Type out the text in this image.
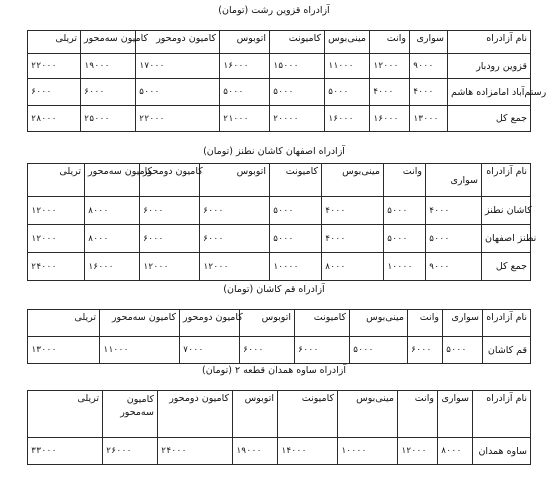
آزادراه قزوین رشت (تومان)
تریلی	کامیون سه‌محور	کامیون دومحور	اتوبوس	کامیونت	مینی‌بوس	وانت	سواری	نام آزادراه
۲۲۰۰۰	۱۹۰۰۰	۱۷۰۰۰	۱۶۰۰۰	۱۵۰۰۰	۱۱۰۰۰	۱۲۰۰۰	۹۰۰۰	قزوین رودبار
۶۰۰۰	۶۰۰۰	۵۰۰۰	۵۰۰۰	۵۰۰۰	۵۰۰۰	۴۰۰۰	۴۰۰۰	رستم‌آباد امامزاده هاشم
۲۸۰۰۰	۲۵۰۰۰	۲۲۰۰۰	۲۱۰۰۰	۲۰۰۰۰	۱۶۰۰۰	۱۶۰۰۰	۱۳۰۰۰	جمع کل
آزادراه اصفهان کاشان نطنز (تومان)
تریلی	کامیون سه‌محور	کامیون دومحور	اتوبوس	کامیونت	مینی‌بوس	وانت	سواری	نام آزادراه
۱۲۰۰۰	۸۰۰۰	۶۰۰۰	۶۰۰۰	۵۰۰۰	۴۰۰۰	۵۰۰۰	۴۰۰۰	کاشان نطنز
۱۲۰۰۰	۸۰۰۰	۶۰۰۰	۶۰۰۰	۵۰۰۰	۴۰۰۰	۵۰۰۰	۵۰۰۰	نطنز اصفهان
۲۴۰۰۰	۱۶۰۰۰	۱۲۰۰۰	۱۲۰۰۰	۱۰۰۰۰	۸۰۰۰	۱۰۰۰۰	۹۰۰۰	جمع کل
آزادراه قم کاشان (تومان)
تریلی	کامیون سه‌محور	کامیون دومحور	اتوبوس	کامیونت	مینی‌بوس	وانت	سواری	نام آزادراه
۱۳۰۰۰	۱۱۰۰۰	۷۰۰۰	۶۰۰۰	۶۰۰۰	۵۰۰۰	۶۰۰۰	۵۰۰۰	قم کاشان
آزادراه ساوه همدان قطعه ۲ (تومان)
تریلی	کامیون سه‌محور	کامیون دومحور	اتوبوس	کامیونت	مینی‌بوس	وانت	سواری	نام آزادراه
۳۳۰۰۰	۲۶۰۰۰	۲۴۰۰۰	۱۹۰۰۰	۱۴۰۰۰	۱۰۰۰۰	۱۲۰۰۰	۸۰۰۰	ساوه همدان
